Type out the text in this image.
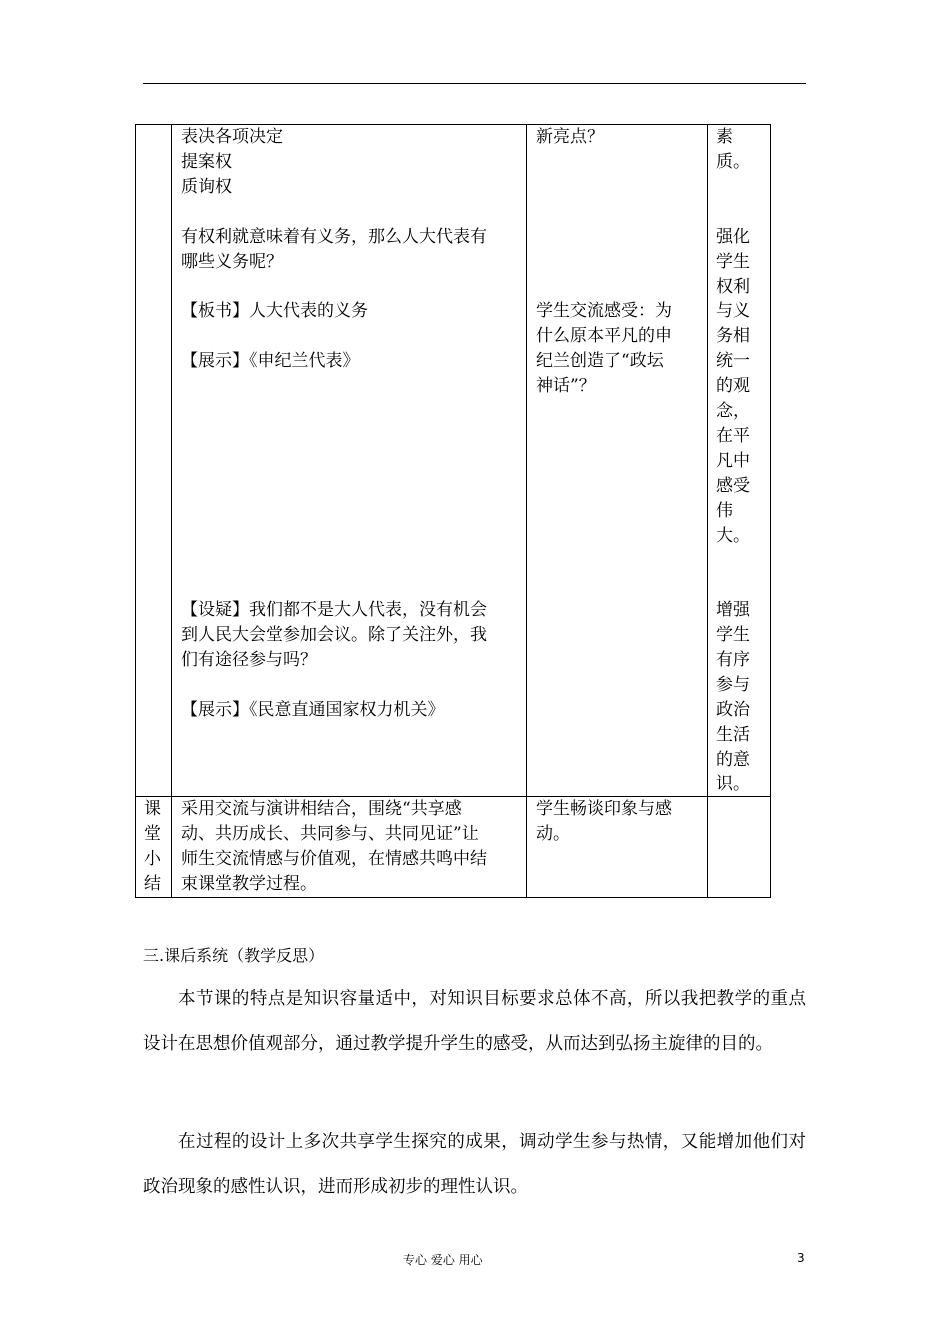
表决各项决定
提案权
质询权
有权利就意味着有义务，那么人大代表有
哪些义务呢？
【板书】人大代表的义务
【展示】《申纪兰代表》
【设疑】我们都不是大人代表，没有机会
到人民大会堂参加会议。除了关注外，我
们有途径参与吗？
【展示】《民意直通国家权力机关》
新亮点？
学生交流感受：为
什么原本平凡的申
纪兰创造了“政坛
神话”？
素
质。
强化
学生
权利
与义
务相
统一
的观
念，
在平
凡中
感受
伟
大。
增强
学生
有序
参与
政治
生活
的意
识。
课
堂
小
结
采用交流与演讲相结合，围绕“共享感
动、共历成长、共同参与、共同见证”让
师生交流情感与价值观，在情感共鸣中结
束课堂教学过程。
学生畅谈印象与感
动。
三.课后系统（教学反思）
本节课的特点是知识容量适中，对知识目标要求总体不高，所以我把教学的重点设计在思想价值观部分，通过教学提升学生的感受，从而达到弘扬主旋律的目的。
在过程的设计上多次共享学生探究的成果，调动学生参与热情，又能增加他们对政治现象的感性认识，进而形成初步的理性认识。
专心 爱心 用心	3
